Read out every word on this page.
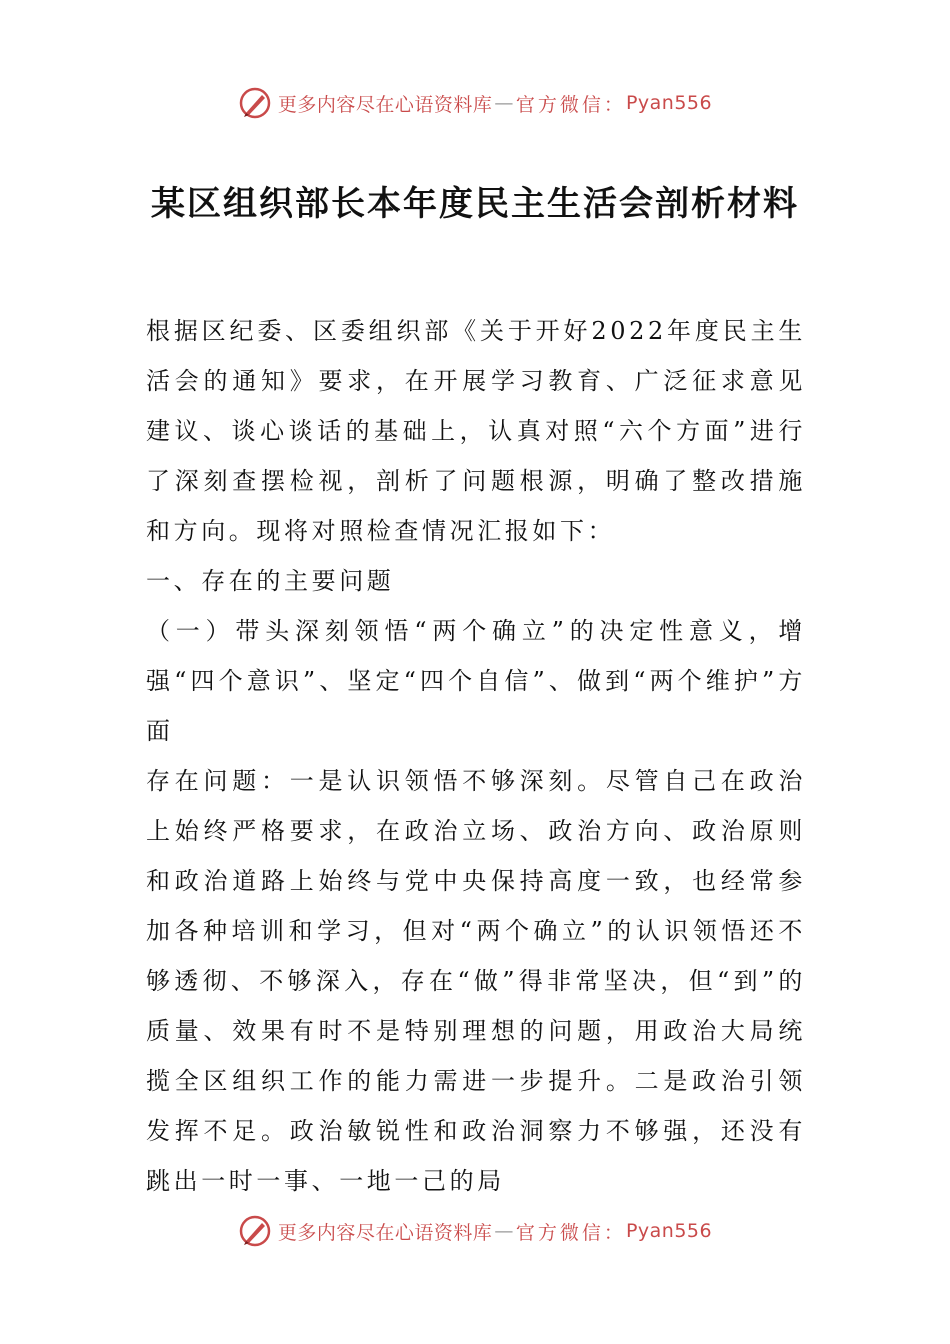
更多内容尽在心语资料库 — 官方微信： Pyan556
某区组织部长本年度民主生活会剖析材料

根据区纪委、区委组织部《关于开好2022年度民主生活会的通知》要求，在开展学习教育、广泛征求意见建议、谈心谈话的基础上，认真对照“六个方面”进行了深刻查摆检视，剖析了问题根源，明确了整改措施和方向。现将对照检查情况汇报如下：

一、存在的主要问题

（一）带头深刻领悟“两个确立”的决定性意义，增强“四个意识”、坚定“四个自信”、做到“两个维护”方面

存在问题：一是认识领悟不够深刻。尽管自己在政治上始终严格要求，在政治立场、政治方向、政治原则和政治道路上始终与党中央保持高度一致，也经常参加各种培训和学习，但对“两个确立”的认识领悟还不够透彻、不够深入，存在“做”得非常坚决，但“到”的质量、效果有时不是特别理想的问题，用政治大局统揽全区组织工作的能力需进一步提升。二是政治引领发挥不足。政治敏锐性和政治洞察力不够强，还没有跳出一时一事、一地一己的局

更多内容尽在心语资料库 — 官方微信： Pyan556
